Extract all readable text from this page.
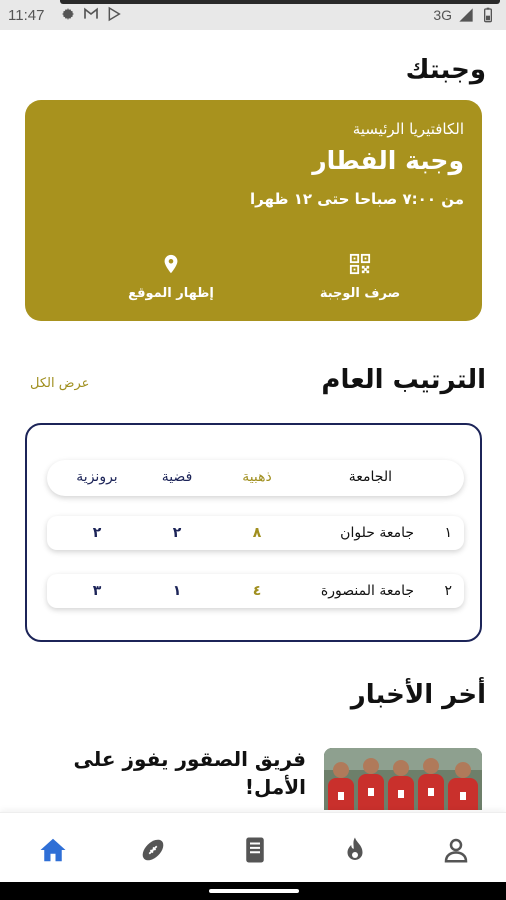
11:47	3G
وجبتك
الكافتيريا الرئيسية
وجبة الفطار
من ٧:٠٠ صباحا حتى ١٢ ظهرا
صرف الوجبة
إظهار الموقع
الترتيب العام
عرض الكل
الجامعة
ذهبية
فضية
برونزية
١
جامعة حلوان
٨
٢
٢
٢
جامعة المنصورة
٤
١
٣
أخر الأخبار
فريق الصقور يفوز على الأمل!
